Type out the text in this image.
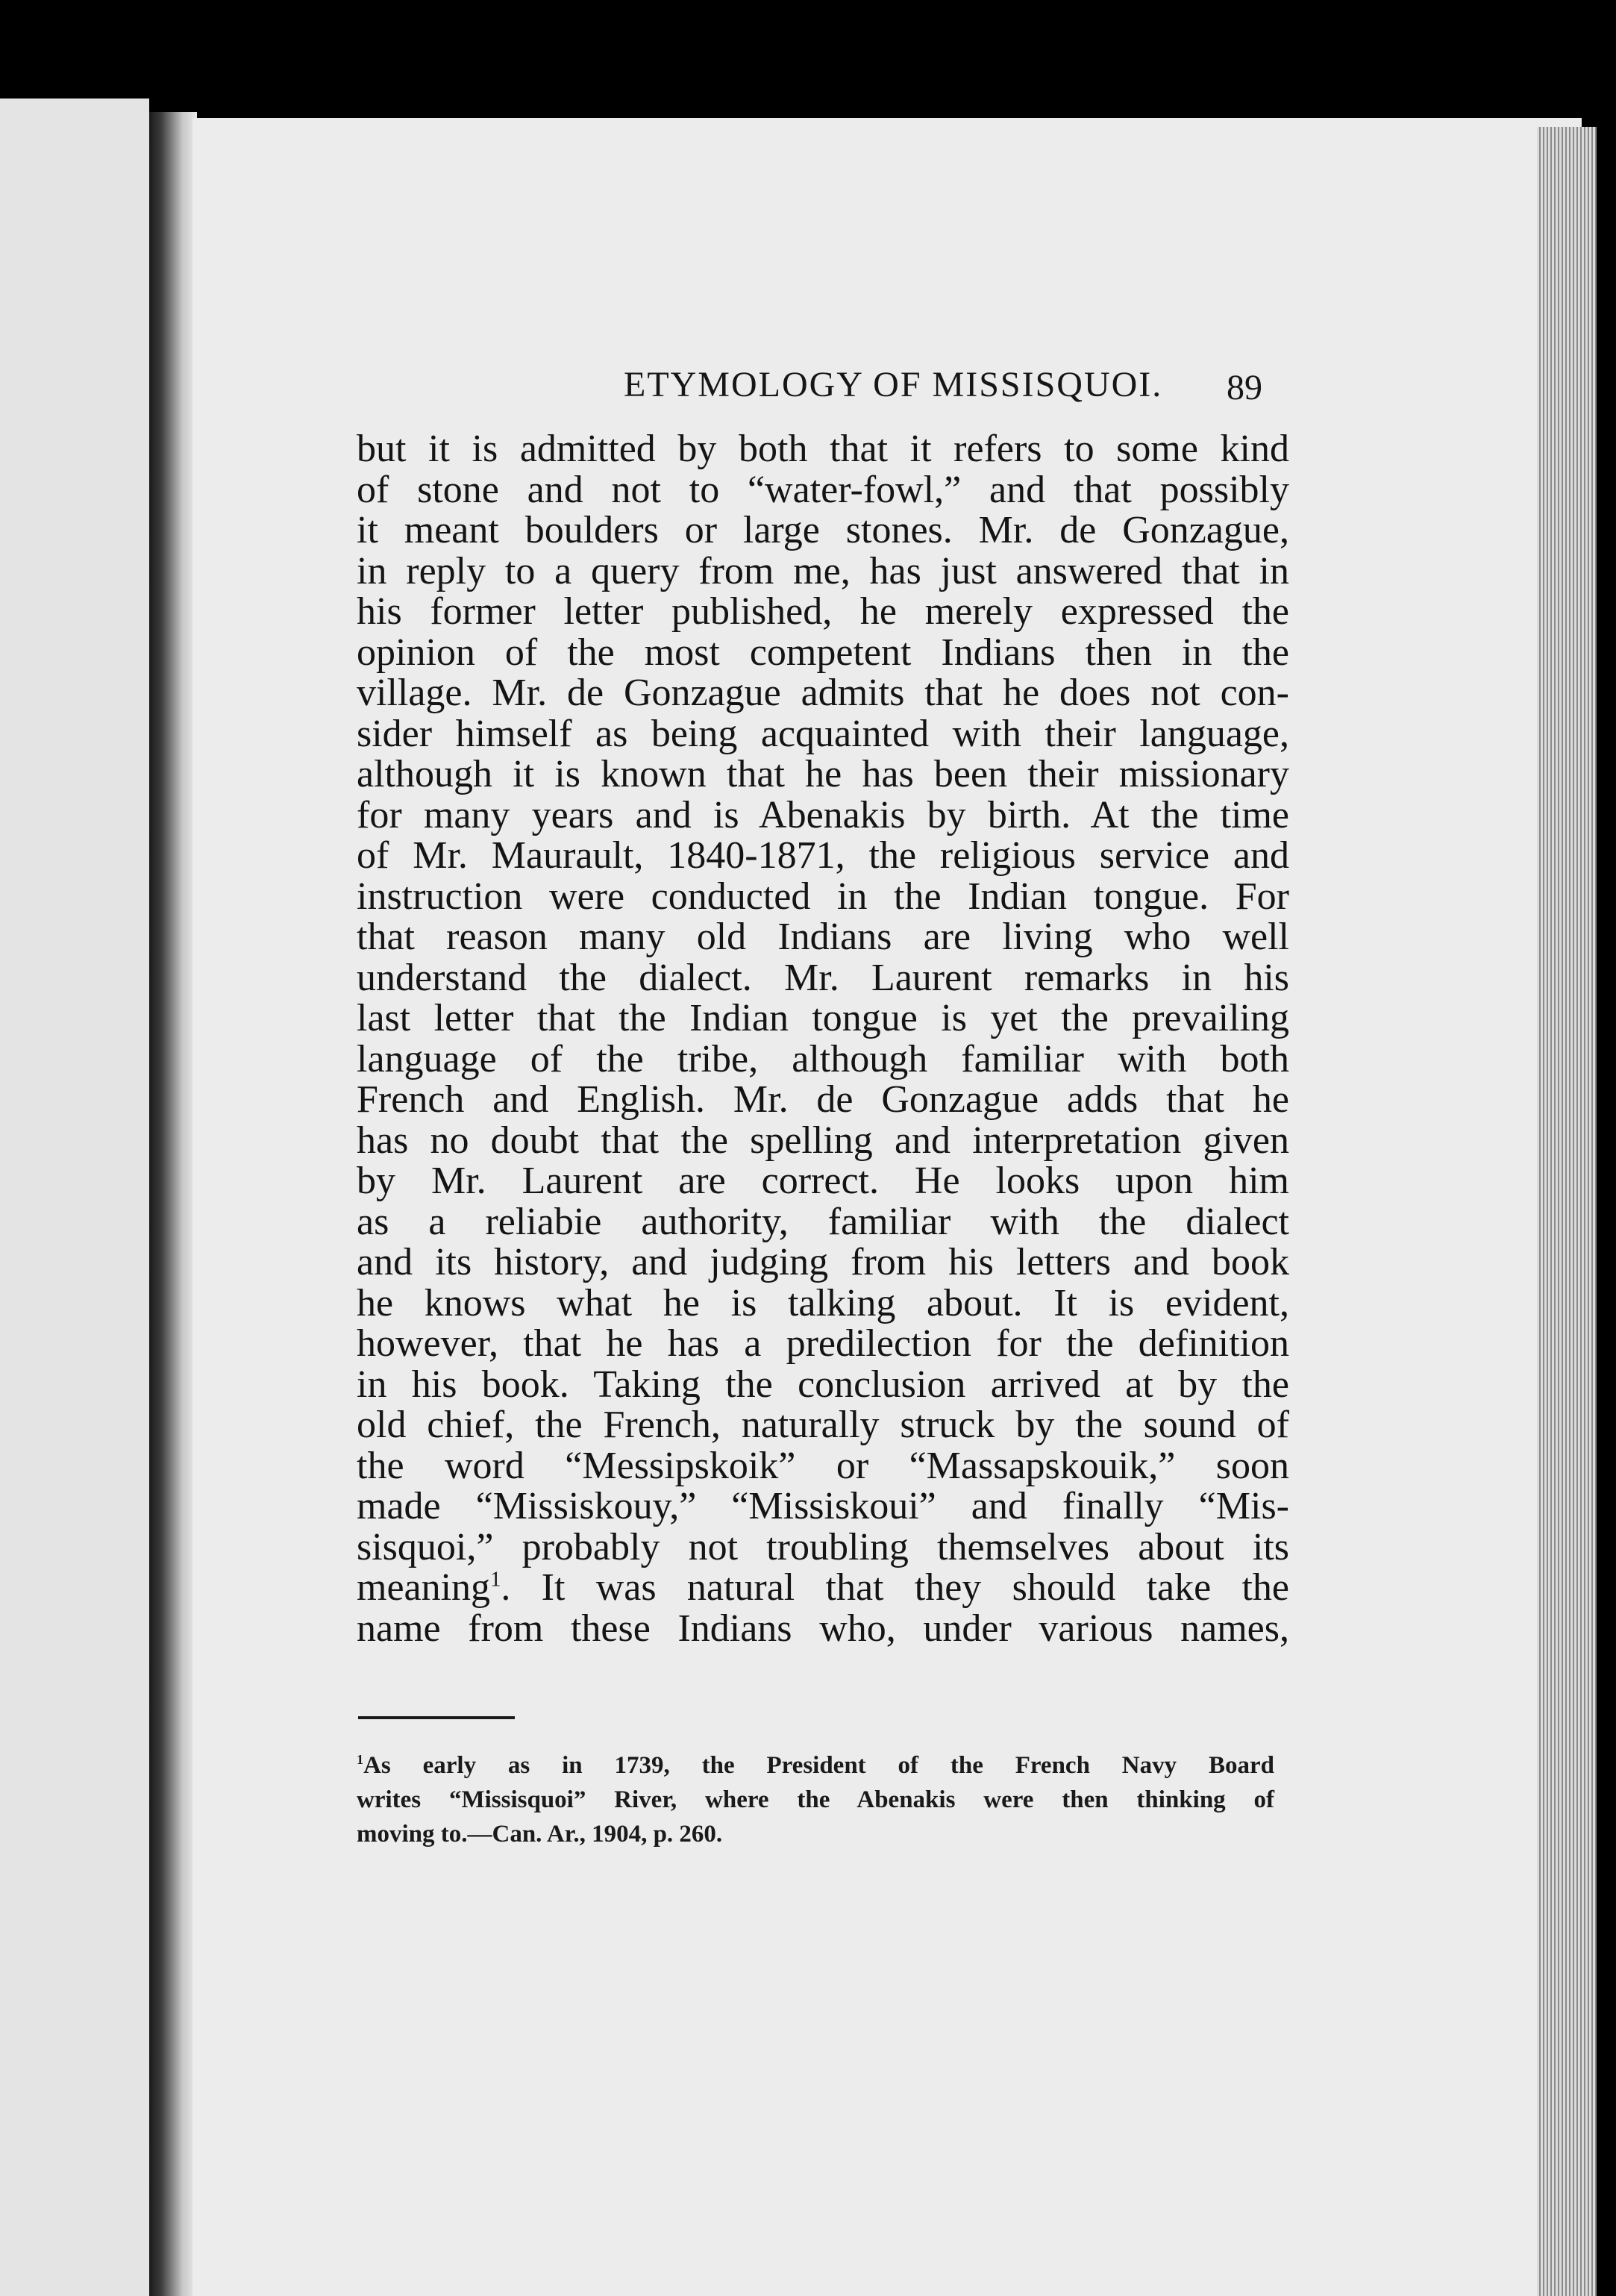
ETYMOLOGY OF MISSISQUOI. 89
but it is admitted by both that it refers to some kind
of stone and not to “water-fowl,” and that possibly
it meant boulders or large stones. Mr. de Gonzague,
in reply to a query from me, has just answered that in
his former letter published, he merely expressed the
opinion of the most competent Indians then in the
village. Mr. de Gonzague admits that he does not con-
sider himself as being acquainted with their language,
although it is known that he has been their missionary
for many years and is Abenakis by birth. At the time
of Mr. Maurault, 1840-1871, the religious service and
instruction were conducted in the Indian tongue. For
that reason many old Indians are living who well
understand the dialect. Mr. Laurent remarks in his
last letter that the Indian tongue is yet the prevailing
language of the tribe, although familiar with both
French and English. Mr. de Gonzague adds that he
has no doubt that the spelling and interpretation given
by Mr. Laurent are correct. He looks upon him
as a reliabie authority, familiar with the dialect
and its history, and judging from his letters and book
he knows what he is talking about. It is evident,
however, that he has a predilection for the definition
in his book. Taking the conclusion arrived at by the
old chief, the French, naturally struck by the sound of
the word “Messipskoik” or “Massapskouik,” soon
made “Missiskouy,” “Missiskoui” and finally “Mis-
sisquoi,” probably not troubling themselves about its
meaning$^1$. It was natural that they should take the
name from these Indians who, under various names,
$^1$As early as in 1739, the President of the French Navy Board
writes “Missisquoi” River, where the Abenakis were then thinking of
moving to.—Can. Ar., 1904, p. 260.
